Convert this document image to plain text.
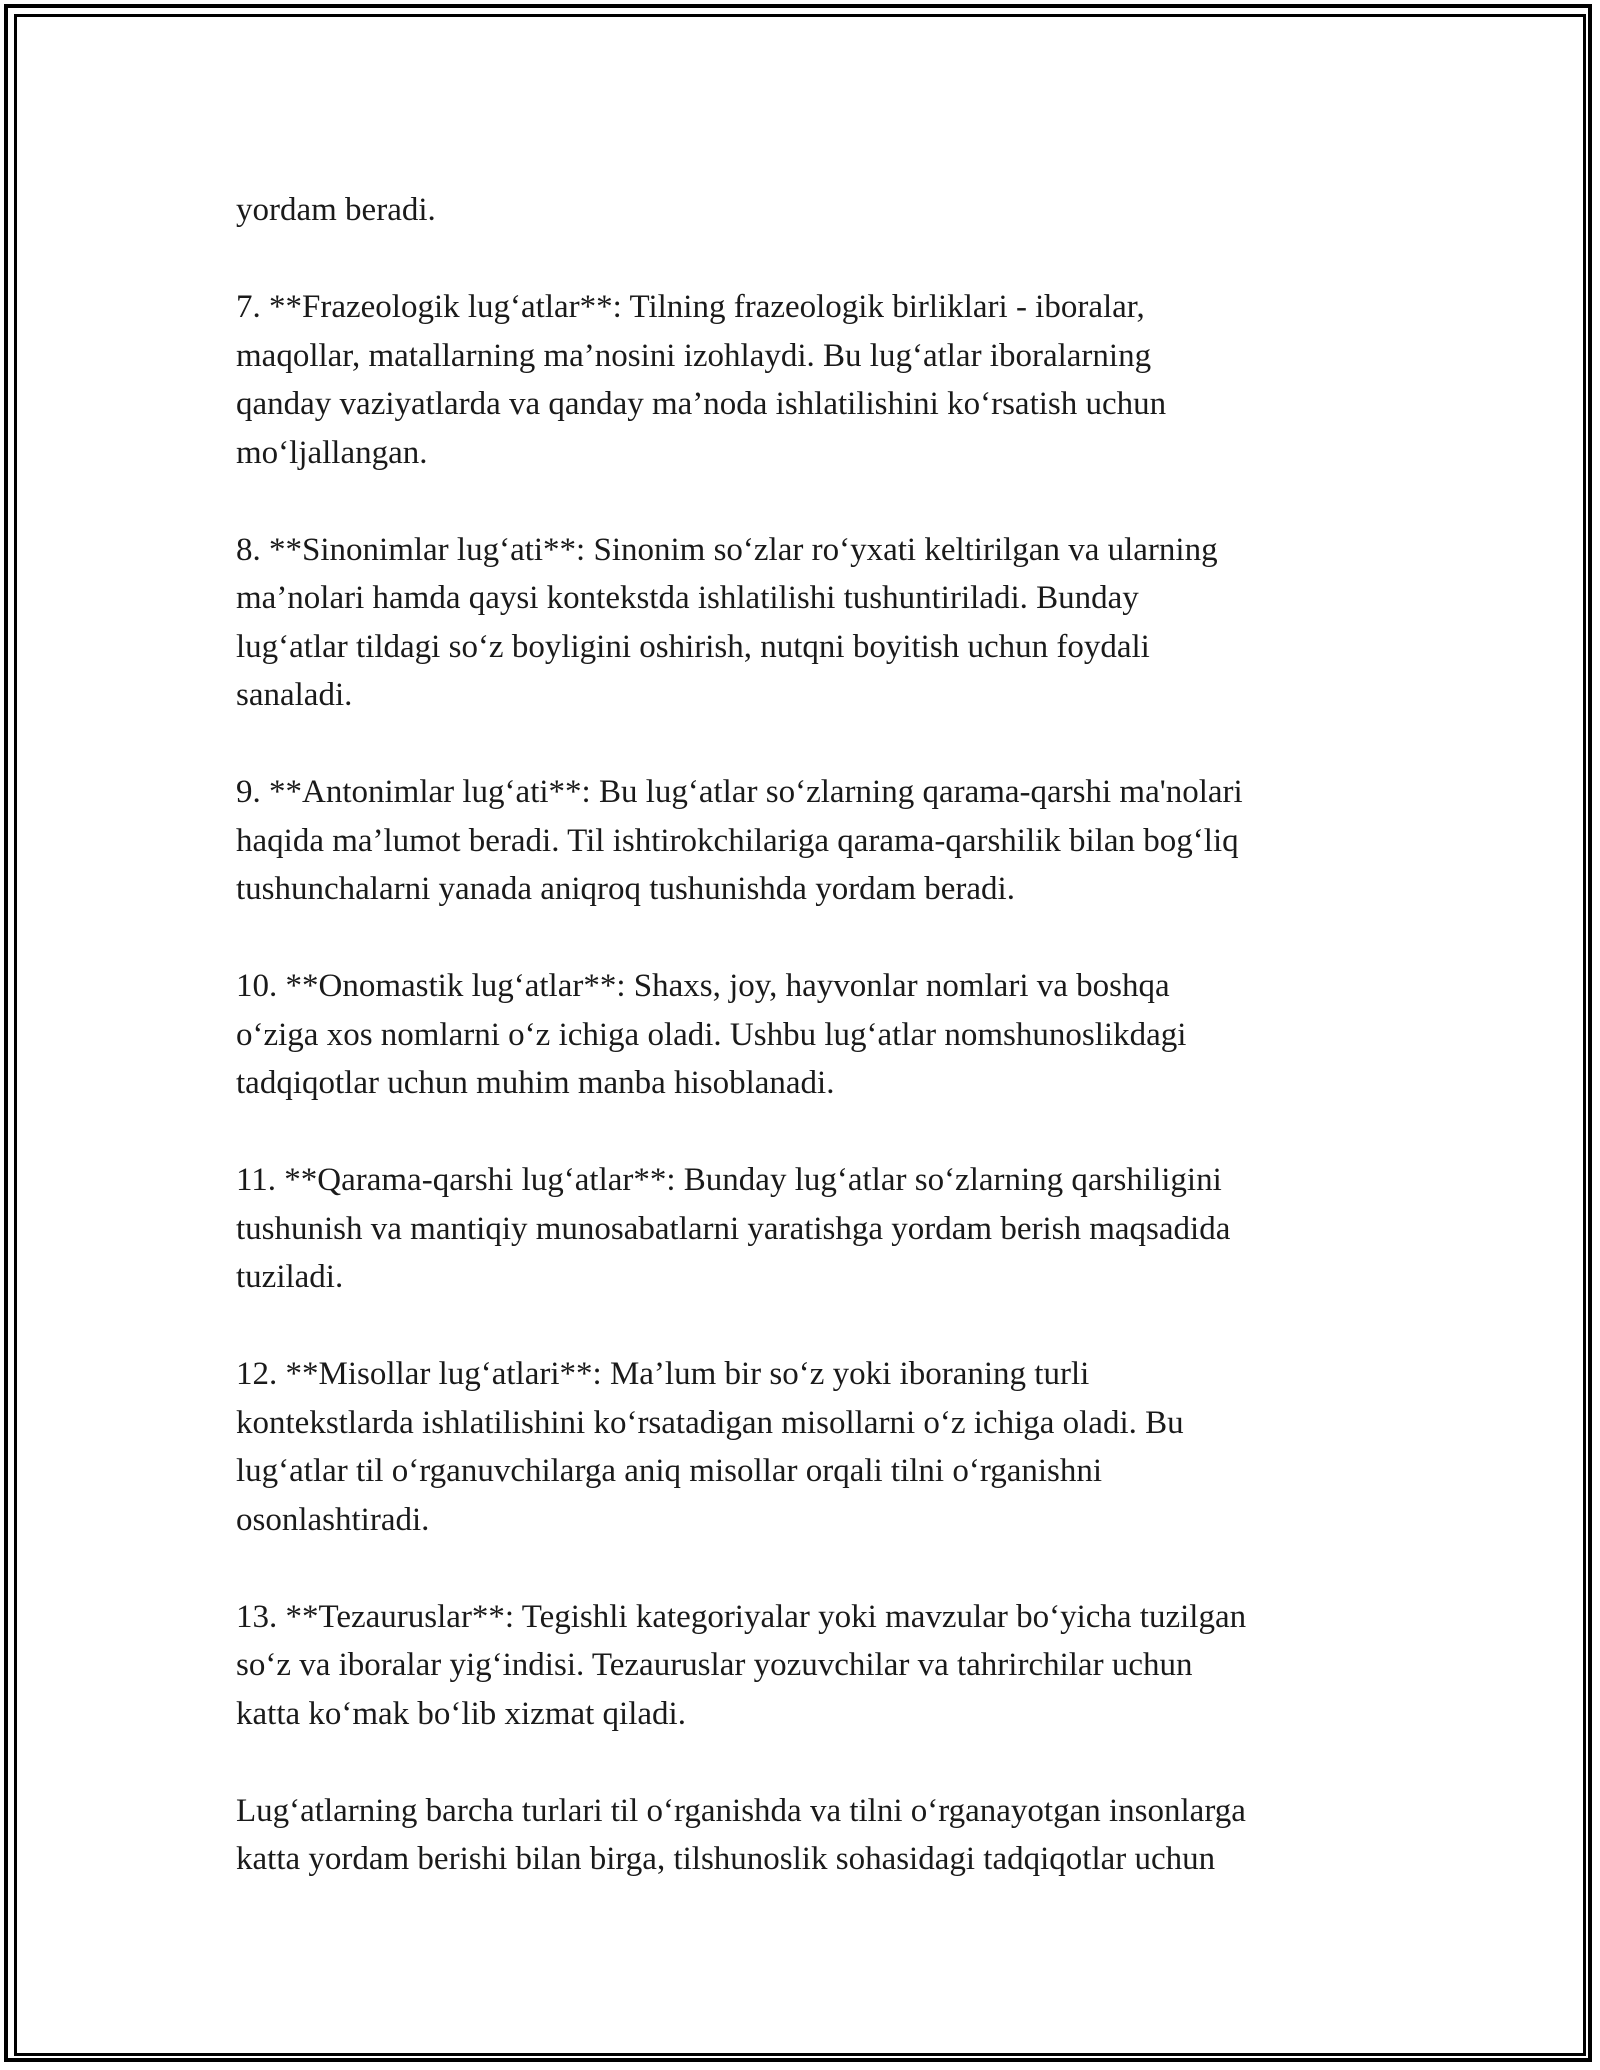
yordam beradi.

7. **Frazeologik lug‘atlar**: Tilning frazeologik birliklari - iboralar,
maqollar, matallarning ma’nosini izohlaydi. Bu lug‘atlar iboralarning
qanday vaziyatlarda va qanday ma’noda ishlatilishini ko‘rsatish uchun
mo‘ljallangan.

8. **Sinonimlar lug‘ati**: Sinonim so‘zlar ro‘yxati keltirilgan va ularning
ma’nolari hamda qaysi kontekstda ishlatilishi tushuntiriladi. Bunday
lug‘atlar tildagi so‘z boyligini oshirish, nutqni boyitish uchun foydali
sanaladi.

9. **Antonimlar lug‘ati**: Bu lug‘atlar so‘zlarning qarama-qarshi ma'nolari
haqida ma’lumot beradi. Til ishtirokchilariga qarama-qarshilik bilan bog‘liq
tushunchalarni yanada aniqroq tushunishda yordam beradi.

10. **Onomastik lug‘atlar**: Shaxs, joy, hayvonlar nomlari va boshqa
o‘ziga xos nomlarni o‘z ichiga oladi. Ushbu lug‘atlar nomshunoslikdagi
tadqiqotlar uchun muhim manba hisoblanadi.

11. **Qarama-qarshi lug‘atlar**: Bunday lug‘atlar so‘zlarning qarshiligini
tushunish va mantiqiy munosabatlarni yaratishga yordam berish maqsadida
tuziladi.

12. **Misollar lug‘atlari**: Ma’lum bir so‘z yoki iboraning turli
kontekstlarda ishlatilishini ko‘rsatadigan misollarni o‘z ichiga oladi. Bu
lug‘atlar til o‘rganuvchilarga aniq misollar orqali tilni o‘rganishni
osonlashtiradi.

13. **Tezauruslar**: Tegishli kategoriyalar yoki mavzular bo‘yicha tuzilgan
so‘z va iboralar yig‘indisi. Tezauruslar yozuvchilar va tahrirchilar uchun
katta ko‘mak bo‘lib xizmat qiladi.

Lug‘atlarning barcha turlari til o‘rganishda va tilni o‘rganayotgan insonlarga
katta yordam berishi bilan birga, tilshunoslik sohasidagi tadqiqotlar uchun
